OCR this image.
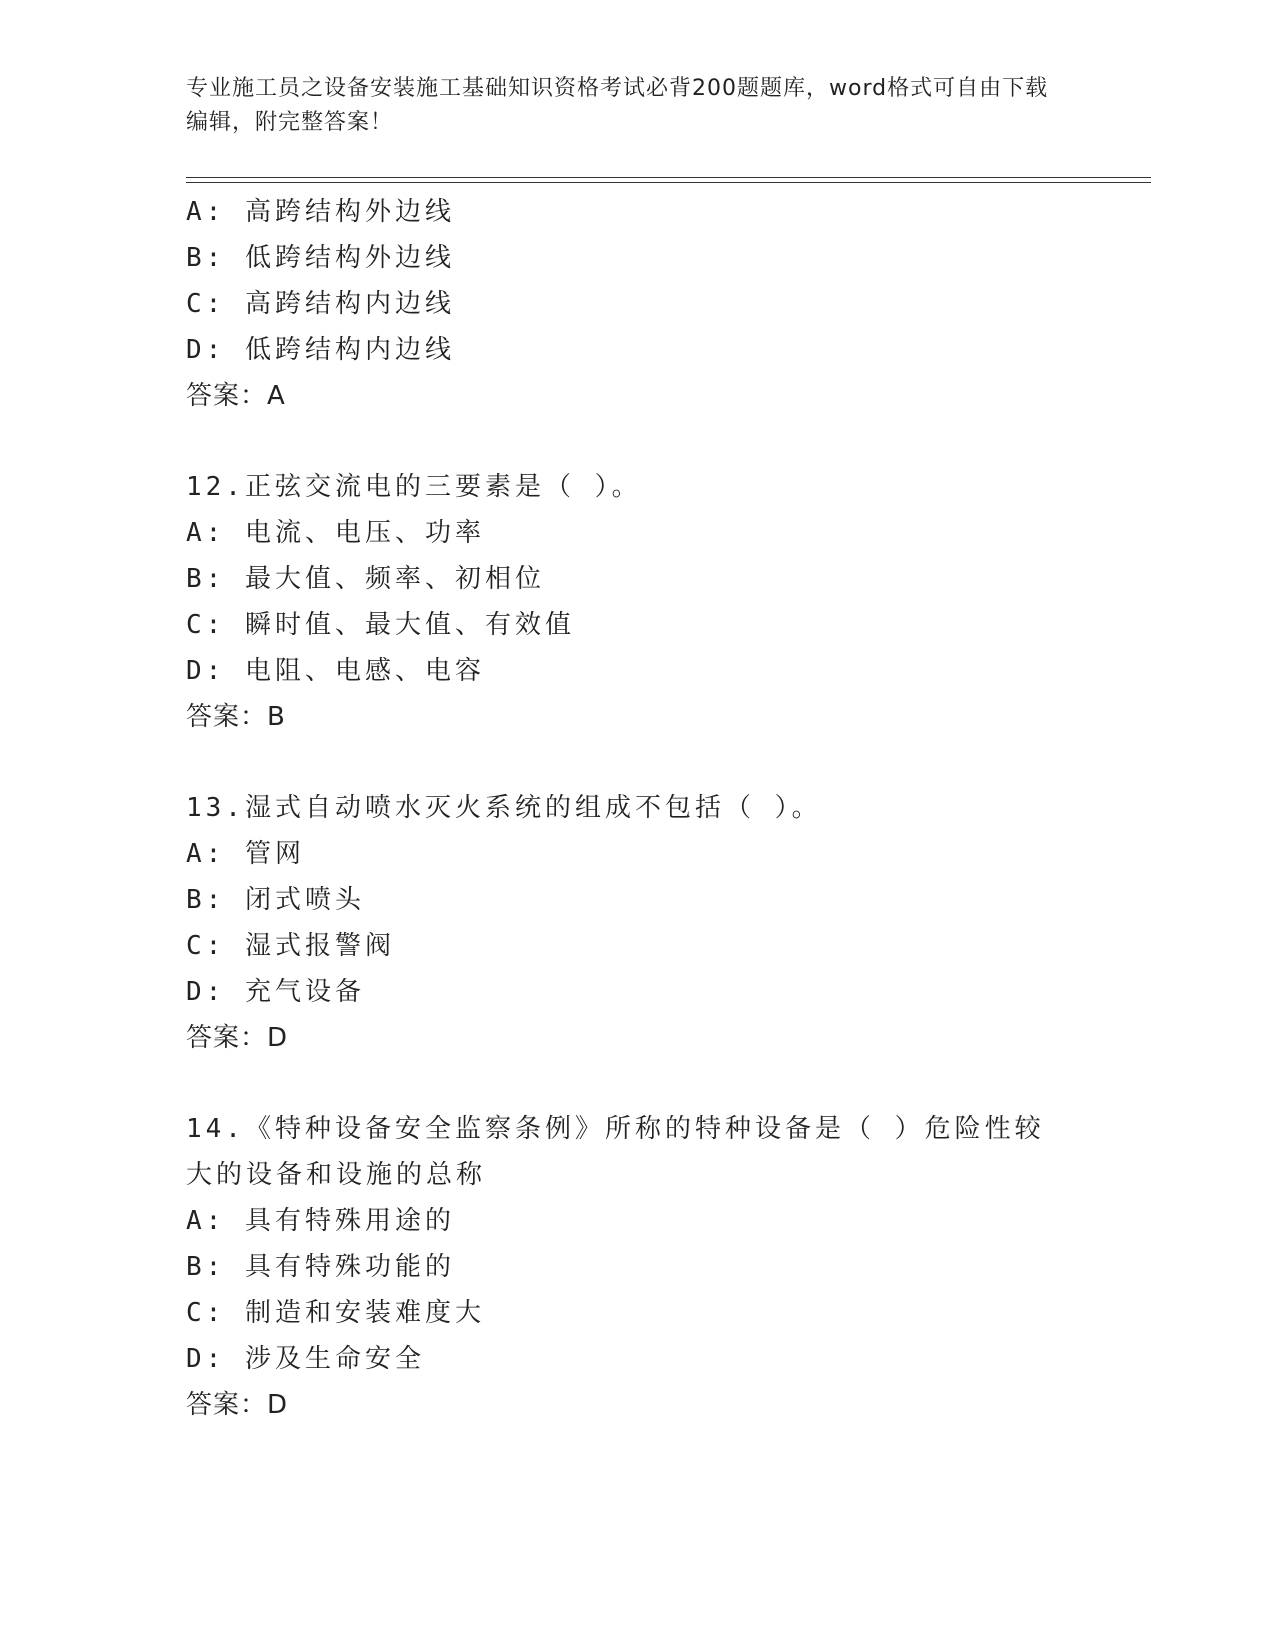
专业施工员之设备安装施工基础知识资格考试必背200题题库，word格式可自由下载编辑，附完整答案！
A: 高跨结构外边线
B: 低跨结构外边线
C: 高跨结构内边线
D: 低跨结构内边线
答案：A
12.正弦交流电的三要素是（ ）。
A: 电流、电压、功率
B: 最大值、频率、初相位
C: 瞬时值、最大值、有效值
D: 电阻、电感、电容
答案：B
13.湿式自动喷水灭火系统的组成不包括（ ）。
A: 管网
B: 闭式喷头
C: 湿式报警阀
D: 充气设备
答案：D
14.《特种设备安全监察条例》所称的特种设备是（ ）危险性较大的设备和设施的总称
A: 具有特殊用途的
B: 具有特殊功能的
C: 制造和安装难度大
D: 涉及生命安全
答案：D
